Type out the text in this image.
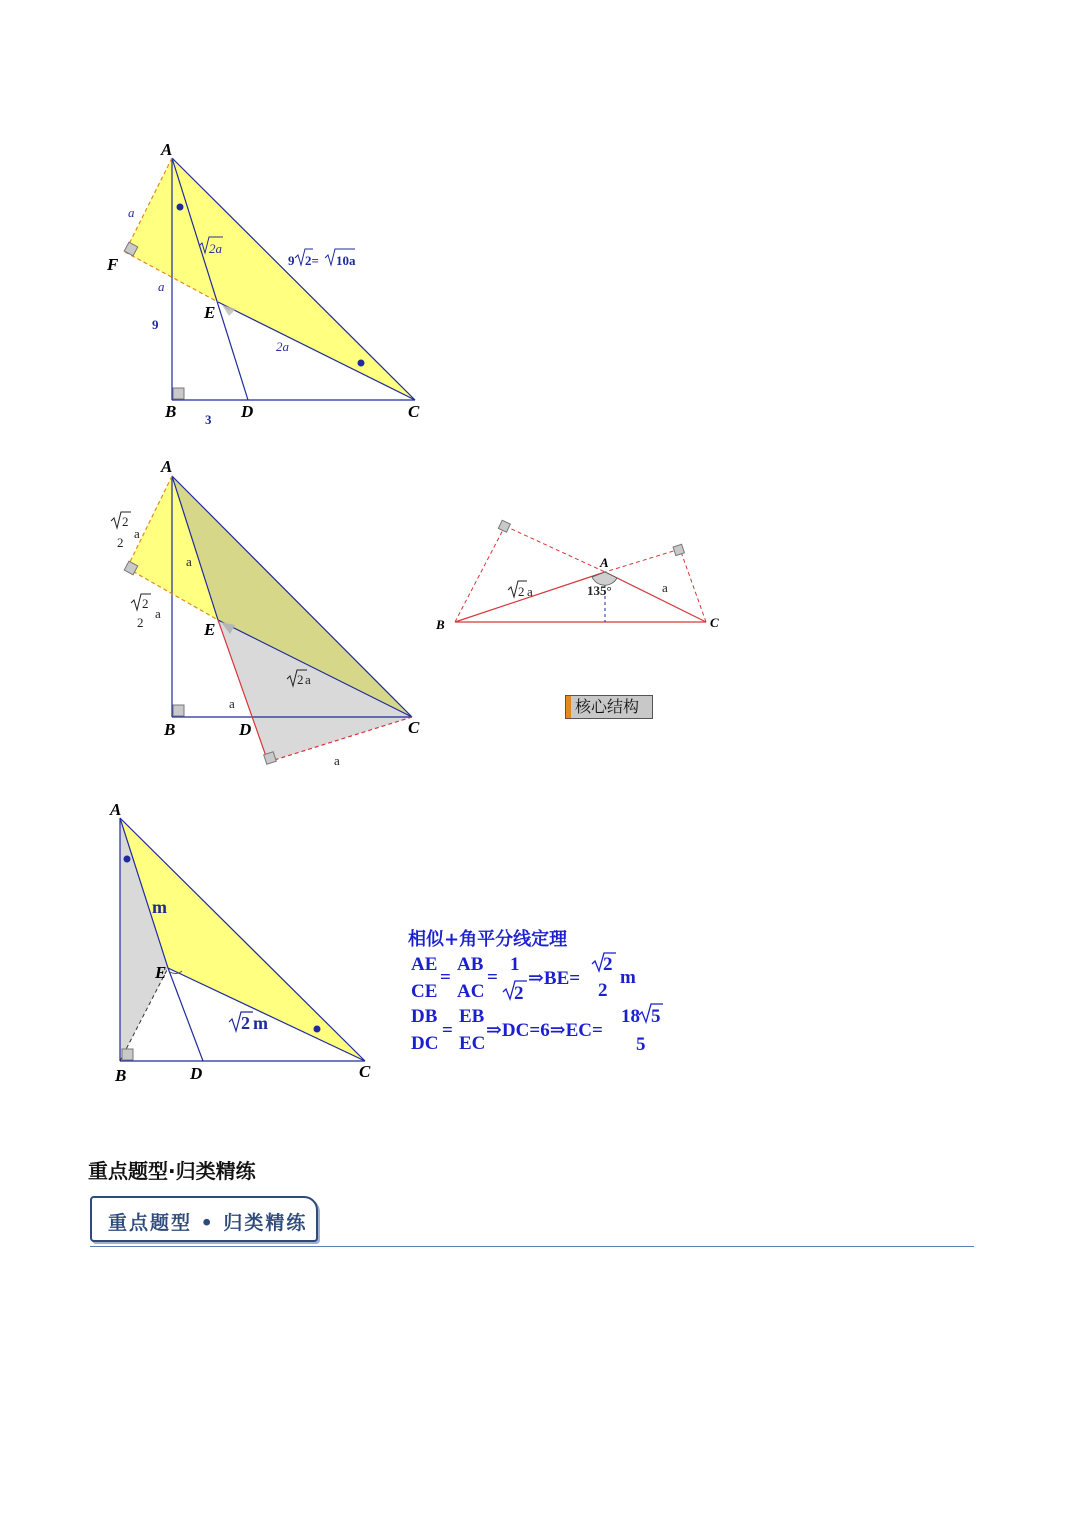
A
F
E
B	D	C
a
a
2a
9 2= 10a
9
2a
3
A
E
B	D	C
2
2
a
2
2
a
a
2 a
a
a
A
B	C
2 a	a
135°
A
E
B	D	C
m
2 m
相似+角平分线定理
AE
CE
=
AB
AC
=
1
2
⇒BE=
2
2
m
DB
DC
=
EB
EC
⇒DC=6⇒EC=
18 5
5
核心结构
重点题型·归类精练
重点题型 • 归类精练
